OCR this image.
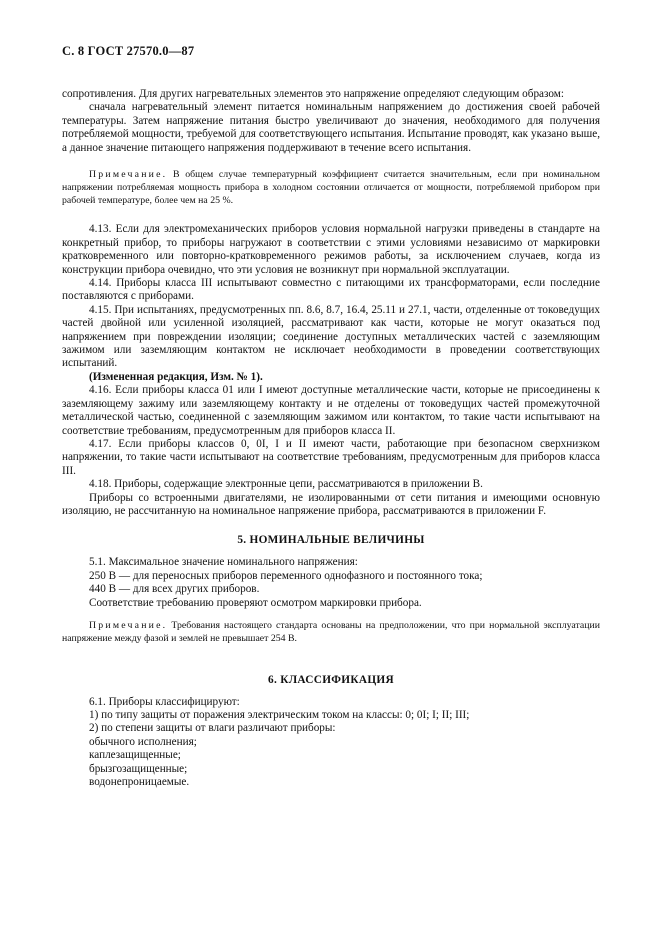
С. 8 ГОСТ 27570.0—87

сопротивления. Для других нагревательных элементов это напряжение определяют следующим образом:

сначала нагревательный элемент питается номинальным напряжением до достижения своей рабочей температуры. Затем напряжение питания быстро увеличивают до значения, необходимого для получения потребляемой мощности, требуемой для соответствующего испытания. Испытание проводят, как указано выше, а данное значение питающего напряжения поддерживают в течение всего испытания.

Примечание. В общем случае температурный коэффициент считается значительным, если при номинальном напряжении потребляемая мощность прибора в холодном состоянии отличается от мощности, потребляемой прибором при рабочей температуре, более чем на 25 %.

4.13. Если для электромеханических приборов условия нормальной нагрузки приведены в стандарте на конкретный прибор, то приборы нагружают в соответствии с этими условиями независимо от маркировки кратковременного или повторно-кратковременного режимов работы, за исключением случаев, когда из конструкции прибора очевидно, что эти условия не возникнут при нормальной эксплуатации.

4.14. Приборы класса III испытывают совместно с питающими их трансформаторами, если последние поставляются с приборами.

4.15. При испытаниях, предусмотренных пп. 8.6, 8.7, 16.4, 25.11 и 27.1, части, отделенные от токоведущих частей двойной или усиленной изоляцией, рассматривают как части, которые не могут оказаться под напряжением при повреждении изоляции; соединение доступных металлических частей с заземляющим зажимом или заземляющим контактом не исключает необходимости в проведении соответствующих испытаний.

(Измененная редакция, Изм. № 1).

4.16. Если приборы класса 01 или I имеют доступные металлические части, которые не присоединены к заземляющему зажиму или заземляющему контакту и не отделены от токоведущих частей промежуточной металлической частью, соединенной с заземляющим зажимом или контактом, то такие части испытывают на соответствие требованиям, предусмотренным для приборов класса II.

4.17. Если приборы классов 0, 0I, I и II имеют части, работающие при безопасном сверхнизком напряжении, то такие части испытывают на соответствие требованиям, предусмотренным для приборов класса III.

4.18. Приборы, содержащие электронные цепи, рассматриваются в приложении В.

Приборы со встроенными двигателями, не изолированными от сети питания и имеющими основную изоляцию, не рассчитанную на номинальное напряжение прибора, рассматриваются в приложении F.

5. НОМИНАЛЬНЫЕ ВЕЛИЧИНЫ

5.1. Максимальное значение номинального напряжения:

250 В — для переносных приборов переменного однофазного и постоянного тока;

440 В — для всех других приборов.

Соответствие требованию проверяют осмотром маркировки прибора.

Примечание. Требования настоящего стандарта основаны на предположении, что при нормальной эксплуатации напряжение между фазой и землей не превышает 254 В.

6. КЛАССИФИКАЦИЯ

6.1. Приборы классифицируют:

1) по типу защиты от поражения электрическим током на классы: 0; 0I; I; II; III;

2) по степени защиты от влаги различают приборы:

обычного исполнения;

каплезащищенные;

брызгозащищенные;

водонепроницаемые.
